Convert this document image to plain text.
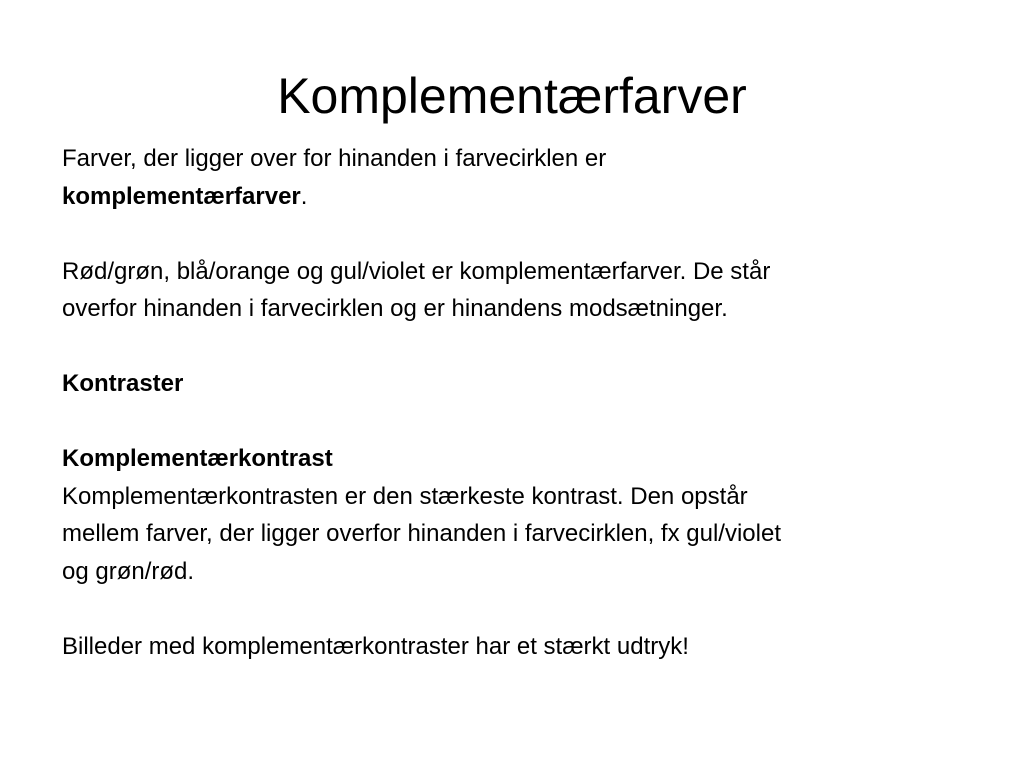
Komplementærfarver
Farver, der ligger over for hinanden i farvecirklen er
komplementærfarver.
Rød/grøn, blå/orange og gul/violet er komplementærfarver. De står
overfor hinanden i farvecirklen og er hinandens modsætninger.
Kontraster
Komplementærkontrast
Komplementærkontrasten er den stærkeste kontrast. Den opstår
mellem farver, der ligger overfor hinanden i farvecirklen, fx gul/violet
og grøn/rød.
Billeder med komplementærkontraster har et stærkt udtryk!
